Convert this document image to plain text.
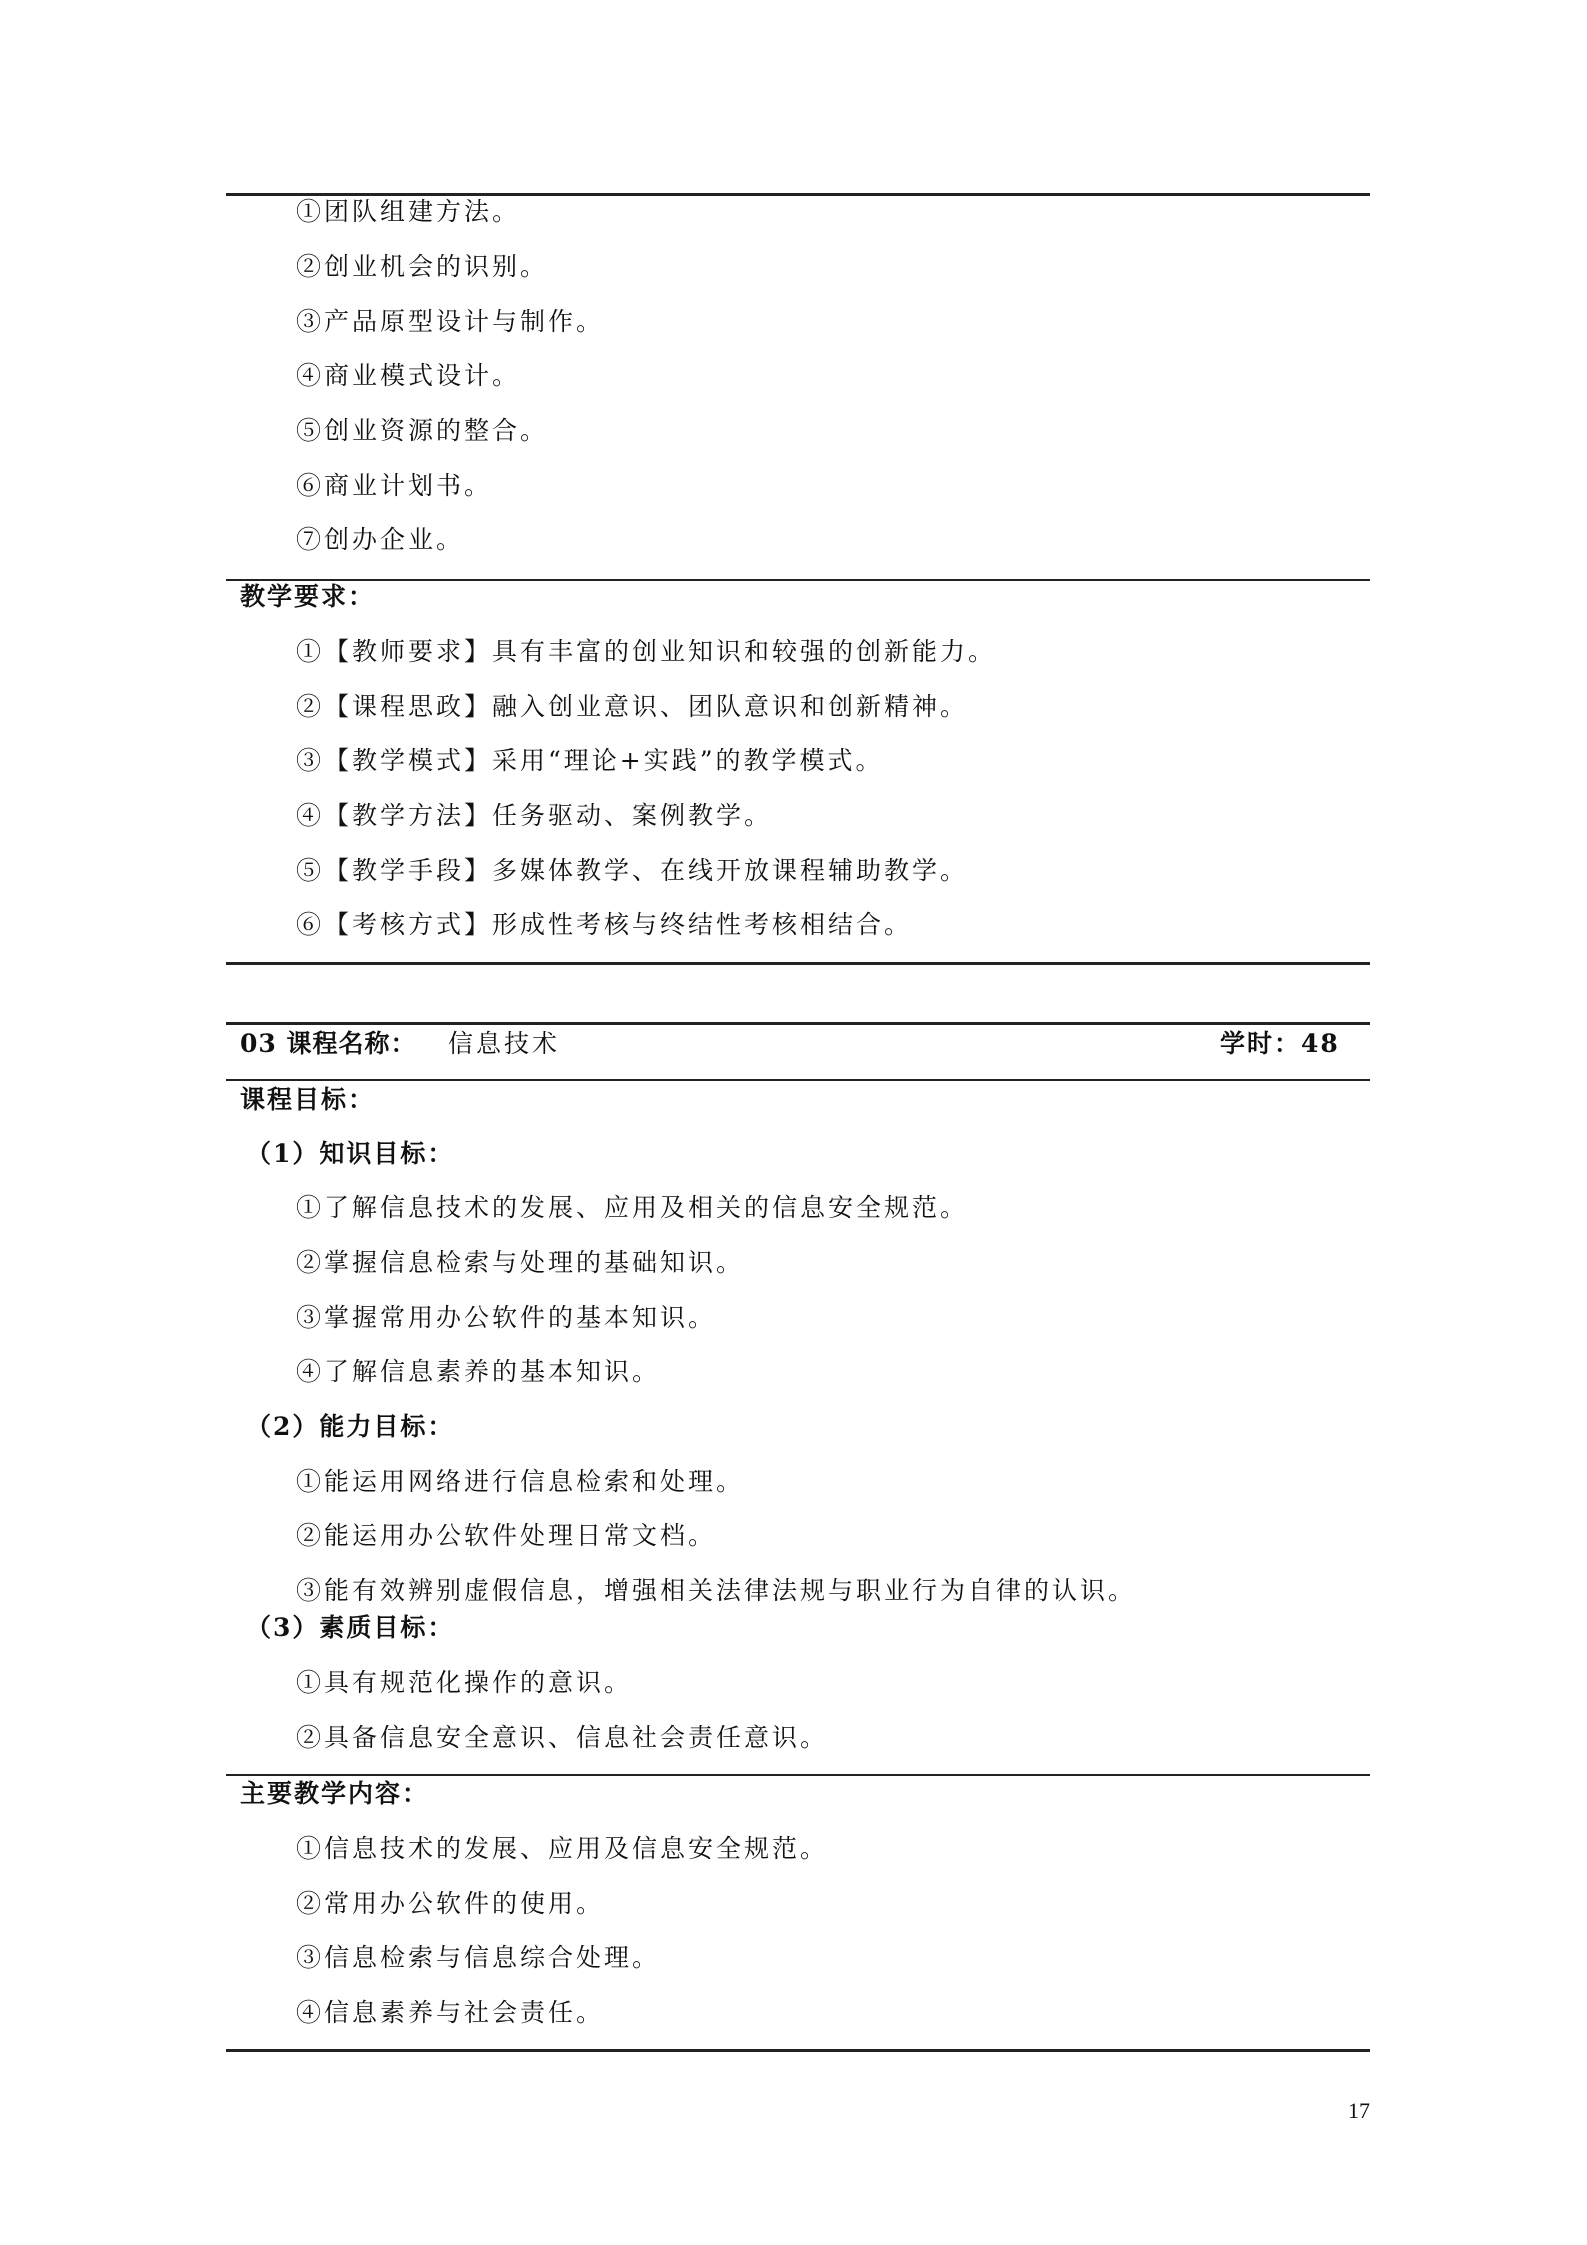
①团队组建方法。
②创业机会的识别。
③产品原型设计与制作。
④商业模式设计。
⑤创业资源的整合。
⑥商业计划书。
⑦创办企业。
教学要求：
①【教师要求】具有丰富的创业知识和较强的创新能力。
②【课程思政】融入创业意识、团队意识和创新精神。
③【教学模式】采用“理论+实践”的教学模式。
④【教学方法】任务驱动、案例教学。
⑤【教学手段】多媒体教学、在线开放课程辅助教学。
⑥【考核方式】形成性考核与终结性考核相结合。
03 课程名称： 信息技术	学时：48
课程目标：
（1）知识目标：
①了解信息技术的发展、应用及相关的信息安全规范。
②掌握信息检索与处理的基础知识。
③掌握常用办公软件的基本知识。
④了解信息素养的基本知识。
（2）能力目标：
①能运用网络进行信息检索和处理。
②能运用办公软件处理日常文档。
③能有效辨别虚假信息，增强相关法律法规与职业行为自律的认识。
（3）素质目标：
①具有规范化操作的意识。
②具备信息安全意识、信息社会责任意识。
主要教学内容：
①信息技术的发展、应用及信息安全规范。
②常用办公软件的使用。
③信息检索与信息综合处理。
④信息素养与社会责任。
17
